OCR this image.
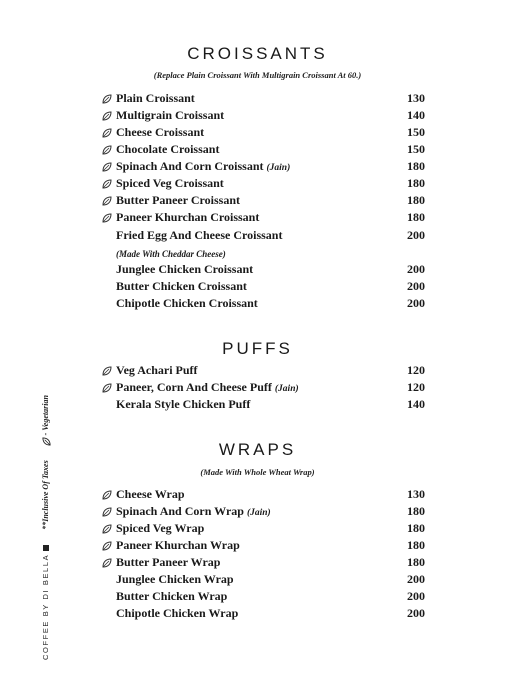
CROISSANTS
(Replace Plain Croissant With Multigrain Croissant At 60.)
Plain Croissant	130
Multigrain Croissant	140
Cheese Croissant	150
Chocolate Croissant	150
Spinach And Corn Croissant (Jain)	180
Spiced Veg Croissant	180
Butter Paneer Croissant	180
Paneer Khurchan Croissant	180
Fried Egg And Cheese Croissant	200
Junglee Chicken Croissant	200
Butter Chicken Croissant	200
Chipotle Chicken Croissant	200
(Made With Cheddar Cheese)
PUFFS
Veg Achari Puff	120
Paneer, Corn And Cheese Puff (Jain)	120
Kerala Style Chicken Puff	140
WRAPS
(Made With Whole Wheat Wrap)
Cheese Wrap	130
Spinach And Corn Wrap (Jain)	180
Spiced Veg Wrap	180
Paneer Khurchan Wrap	180
Butter Paneer Wrap	180
Junglee Chicken Wrap	200
Butter Chicken Wrap	200
Chipotle Chicken Wrap	200
COFFEE BY DI BELLA**Inclusive Of Taxes- Vegetarian
